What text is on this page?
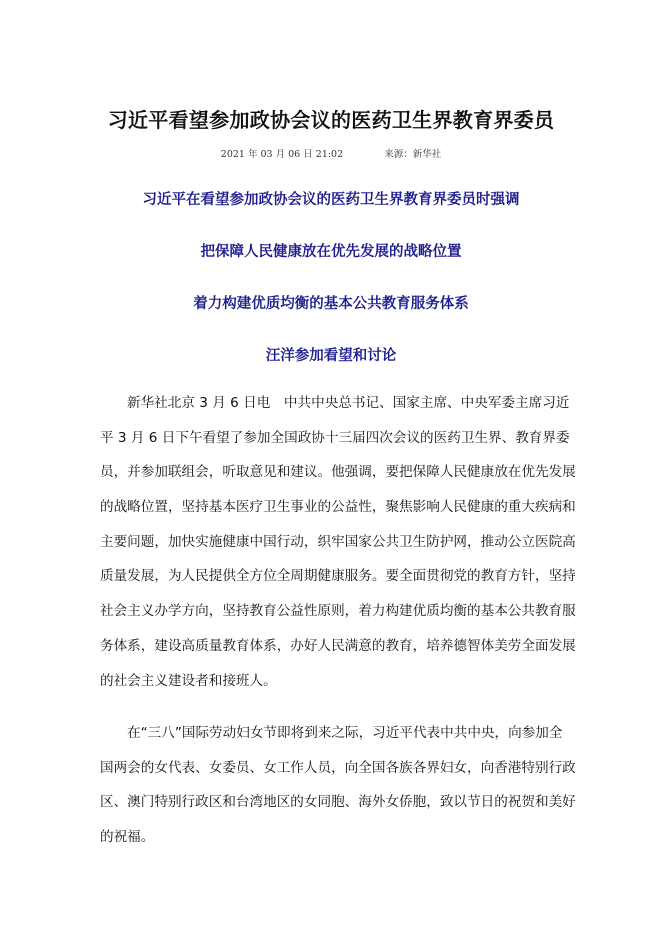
习近平看望参加政协会议的医药卫生界教育界委员
2021 年 03 月 06 日 21:02	来源：新华社
习近平在看望参加政协会议的医药卫生界教育界委员时强调
把保障人民健康放在优先发展的战略位置
着力构建优质均衡的基本公共教育服务体系
汪洋参加看望和讨论
新华社北京 3 月 6 日电　中共中央总书记、国家主席、中央军委主席习近
平 3 月 6 日下午看望了参加全国政协十三届四次会议的医药卫生界、教育界委
员，并参加联组会，听取意见和建议。他强调，要把保障人民健康放在优先发展
的战略位置，坚持基本医疗卫生事业的公益性，聚焦影响人民健康的重大疾病和
主要问题，加快实施健康中国行动，织牢国家公共卫生防护网，推动公立医院高
质量发展，为人民提供全方位全周期健康服务。要全面贯彻党的教育方针，坚持
社会主义办学方向，坚持教育公益性原则，着力构建优质均衡的基本公共教育服
务体系，建设高质量教育体系，办好人民满意的教育，培养德智体美劳全面发展
的社会主义建设者和接班人。
在“三八”国际劳动妇女节即将到来之际，习近平代表中共中央，向参加全
国两会的女代表、女委员、女工作人员，向全国各族各界妇女，向香港特别行政
区、澳门特别行政区和台湾地区的女同胞、海外女侨胞，致以节日的祝贺和美好
的祝福。
